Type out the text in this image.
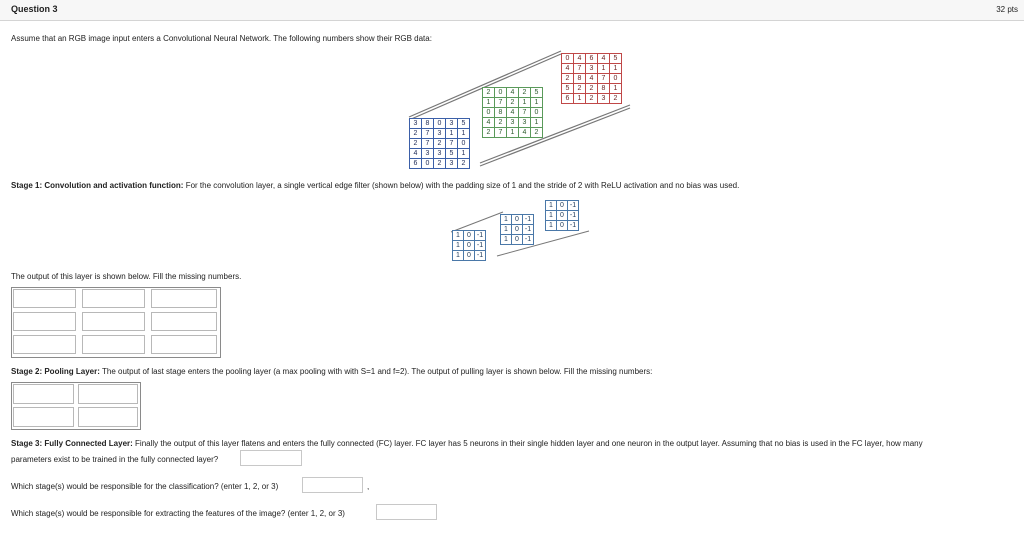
Question 3	32 pts
Assume that an RGB image input enters a Convolutional Neural Network. The following numbers show their RGB data:
0	4	6	4	5
4	7	3	1	1
2	8	4	7	0
5	2	2	8	1
6	1	2	3	2
2	0	4	2	5
1	7	2	1	1
0	8	4	7	0
4	2	3	3	1
2	7	1	4	2
3	8	0	3	5
2	7	3	1	1
2	7	2	7	0
4	3	3	5	1
6	0	2	3	2
Stage 1: Convolution and activation function: For the convolution layer, a single vertical edge filter (shown below) with the padding size of 1 and the stride of 2 with ReLU activation and no bias was used.
1	0	-1
1	0	-1
1	0	-1
1	0	-1
1	0	-1
1	0	-1
1	0	-1
1	0	-1
1	0	-1
The output of this layer is shown below. Fill the missing numbers.
Stage 2: Pooling Layer: The output of last stage enters the pooling layer (a max pooling with with S=1 and f=2). The output of pulling layer is shown below. Fill the missing numbers:
Stage 3: Fully Connected Layer: Finally the output of this layer flatens and enters the fully connected (FC) layer. FC layer has 5 neurons in their single hidden layer and one neuron in the output layer. Assuming that no bias is used in the FC layer, how many
parameters exist to be trained in the fully connected layer?
Which stage(s) would be responsible for the classification? (enter 1, 2, or 3)	,
Which stage(s) would be responsible for extracting the features of the image? (enter 1, 2, or 3)
